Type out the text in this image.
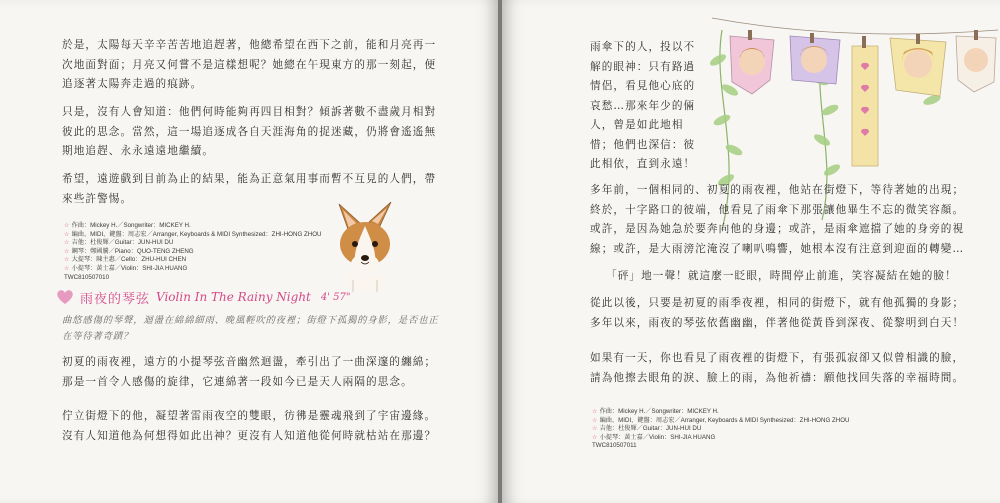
於是，太陽每天辛辛苦苦地追趕著，他總希望在西下之前，能和月亮再一次地面對面；月亮又何嘗不是這樣想呢？她總在午現東方的那一刻起，便追逐著太陽奔走過的痕跡。

只是，沒有人會知道：他們何時能夠再四目相對？傾訴著數不盡歲月相對彼此的思念。當然，這一場追逐成各自天涯海角的捉迷藏，仍將會遙遙無期地追趕、永永遠遠地繼續。

希望，遠遊戲到目前為止的結果，能為正意氣用事而暫不互見的人們，帶來些許警惕。

☆ 作曲：Mickey H.／Songwriter：MICKEY H.
☆ 編曲、MIDI、鍵盤：周志宏／Arranger, Keyboards & MIDI Synthesized：ZHI-HONG ZHOU
☆ 吉他：杜俊輝／Guitar：JUN-HUI DU
☆ 鋼琴：鄭國騰／Piano：QUO-TENG ZHENG
☆ 大提琴：陳主惠／Cello：ZHU-HUI CHEN
☆ 小提琴：黃士嘉／Violin：SHI-JIA HUANG
TWC810507010
雨夜的琴弦 Violin In The Rainy Night 4' 57"
曲悠感傷的琴聲，迴盪在綿綿細雨、晚風輕吹的夜裡；街燈下孤獨的身影，是否也正在等待著奇蹟？

初夏的雨夜裡，遠方的小提琴弦音幽然迴盪，牽引出了一曲深邃的纏綿；那是一首令人感傷的旋律，它連綿著一段如今已是天人兩隔的思念。

佇立街燈下的他，凝望著雷雨夜空的雙眼，彷彿是靈魂飛到了宇宙邊緣。沒有人知道他為何想得如此出神？更沒有人知道他從何時就枯站在那邊？

雨傘下的人，投以不解的眼神：只有路過情侶，看見他心底的哀愁…那來年少的倆人，曾是如此地相惜；他們也深信：彼此相依，直到永遠！

多年前，一個相同的、初夏的雨夜裡，他站在街燈下，等待著她的出現；終於，十字路口的彼端，他看見了雨傘下那張讓他畢生不忘的微笑容顏。或許，是因為她急於要奔向他的身邊；或許，是雨傘遮擋了她的身旁的視線；或許，是大雨滂沱淹沒了喇叭鳴響，她根本沒有注意到迎面的轉變…

「砰」地一聲！就這麼一眨眼，時間停止前進，笑容凝結在她的臉！

從此以後，只要是初夏的雨季夜裡，相同的街燈下，就有他孤獨的身影；多年以來，雨夜的琴弦依舊幽幽，伴著他從黃昏到深夜、從黎明到白天！

如果有一天，你也看見了雨夜裡的街燈下，有張孤寂卻又似曾相識的臉，請為他擦去眼角的淚、臉上的雨，為他祈禱：願他找回失落的幸福時間。

☆ 作曲：Mickey H.／Songwriter：MICKEY H.
☆ 編曲、MIDI、鍵盤：周志宏／Arranger, Keyboards & MIDI Synthesized：ZHI-HONG ZHOU
☆ 吉他：杜俊輝／Guitar：JUN-HUI DU
☆ 小提琴：黃士嘉／Violin：SHI-JIA HUANG
TWC810507011
